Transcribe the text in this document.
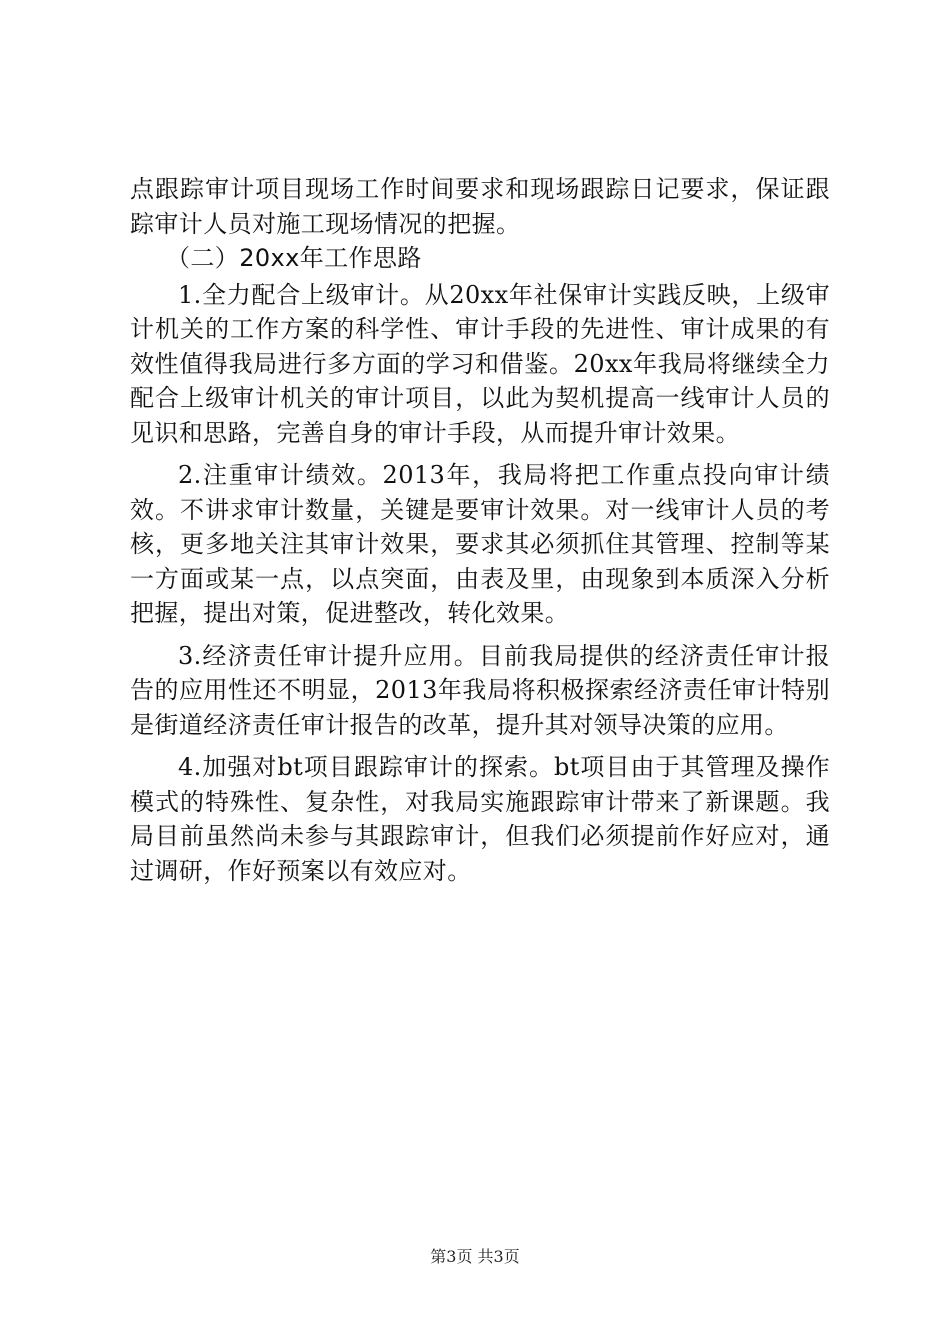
点跟踪审计项目现场工作时间要求和现场跟踪日记要求，保证跟踪审计人员对施工现场情况的把握。

（二）20xx年工作思路

1.全力配合上级审计。从20xx年社保审计实践反映，上级审计机关的工作方案的科学性、审计手段的先进性、审计成果的有效性值得我局进行多方面的学习和借鉴。20xx年我局将继续全力配合上级审计机关的审计项目，以此为契机提高一线审计人员的见识和思路，完善自身的审计手段，从而提升审计效果。

2.注重审计绩效。2013年，我局将把工作重点投向审计绩效。不讲求审计数量，关键是要审计效果。对一线审计人员的考核，更多地关注其审计效果，要求其必须抓住其管理、控制等某一方面或某一点，以点突面，由表及里，由现象到本质深入分析把握，提出对策，促进整改，转化效果。

3.经济责任审计提升应用。目前我局提供的经济责任审计报告的应用性还不明显，2013年我局将积极探索经济责任审计特别是街道经济责任审计报告的改革，提升其对领导决策的应用。

4.加强对bt项目跟踪审计的探索。bt项目由于其管理及操作模式的特殊性、复杂性，对我局实施跟踪审计带来了新课题。我局目前虽然尚未参与其跟踪审计，但我们必须提前作好应对，通过调研，作好预案以有效应对。

第3页 共3页
